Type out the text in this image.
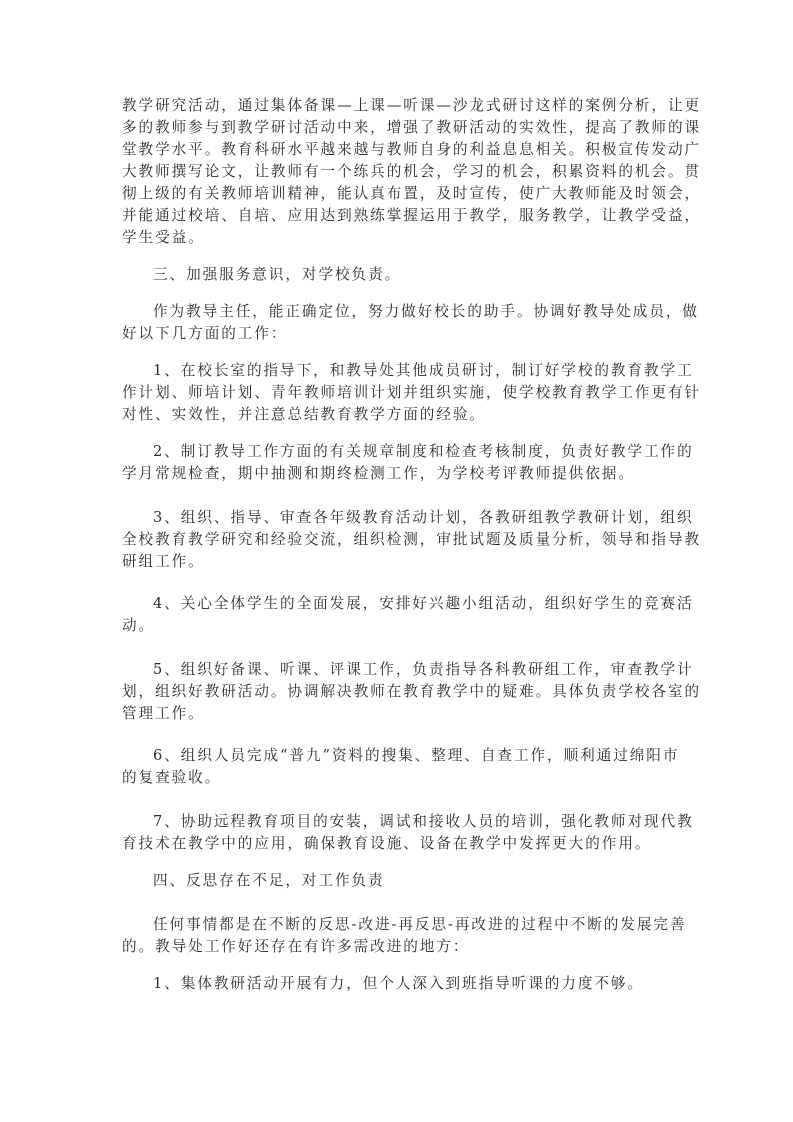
教学研究活动，通过集体备课—上课—听课—沙龙式研讨这样的案例分析，让更
多的教师参与到教学研讨活动中来，增强了教研活动的实效性，提高了教师的课
堂教学水平。教育科研水平越来越与教师自身的利益息息相关。积极宣传发动广
大教师撰写论文，让教师有一个练兵的机会，学习的机会，积累资料的机会。贯
彻上级的有关教师培训精神，能认真布置，及时宣传，使广大教师能及时领会，
并能通过校培、自培、应用达到熟练掌握运用于教学，服务教学，让教学受益，
学生受益。
三、加强服务意识，对学校负责。
作为教导主任，能正确定位，努力做好校长的助手。协调好教导处成员，做
好以下几方面的工作：
1、在校长室的指导下，和教导处其他成员研讨，制订好学校的教育教学工
作计划、师培计划、青年教师培训计划并组织实施，使学校教育教学工作更有针
对性、实效性，并注意总结教育教学方面的经验。
2、制订教导工作方面的有关规章制度和检查考核制度，负责好教学工作的
学月常规检查，期中抽测和期终检测工作，为学校考评教师提供依据。
3、组织、指导、审查各年级教育活动计划，各教研组教学教研计划，组织
全校教育教学研究和经验交流，组织检测，审批试题及质量分析，领导和指导教
研组工作。
4、关心全体学生的全面发展，安排好兴趣小组活动，组织好学生的竞赛活
动。
5、组织好备课、听课、评课工作，负责指导各科教研组工作，审查教学计
划，组织好教研活动。协调解决教师在教育教学中的疑难。具体负责学校各室的
管理工作。
6、组织人员完成“普九”资料的搜集、整理、自查工作，顺利通过绵阳市
的复查验收。
7、协助远程教育项目的安装，调试和接收人员的培训，强化教师对现代教
育技术在教学中的应用，确保教育设施、设备在教学中发挥更大的作用。
四、反思存在不足，对工作负责
任何事情都是在不断的反思-改进-再反思-再改进的过程中不断的发展完善
的。教导处工作好还存在有许多需改进的地方：
1、集体教研活动开展有力，但个人深入到班指导听课的力度不够。
